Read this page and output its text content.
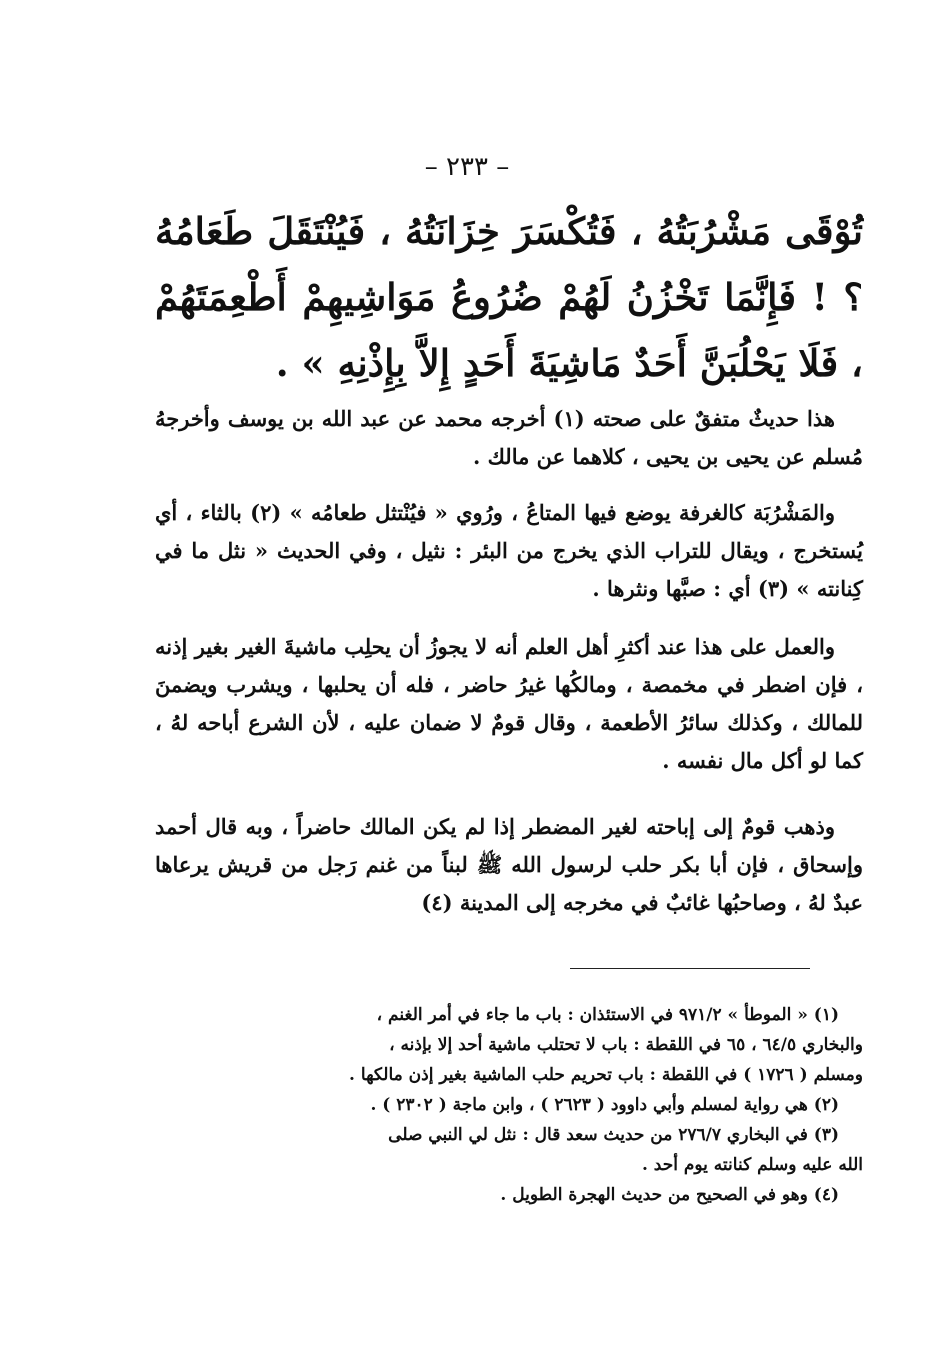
– ٢٣٣ –
تُوْقَى مَشْرُبَتُهُ ، فَتُكْسَرَ خِزَانَتُهُ ، فَيُنْتَقَلَ طَعَامُهُ ؟ ! فَإِنَّمَا تَخْزُنُ لَهُمْ ضُرُوعُ مَوَاشِيهِمْ أَطْعِمَتَهُمْ ، فَلَا يَحْلُبَنَّ أَحَدٌ مَاشِيَةَ أَحَدٍ إِلاَّ بِإِذْنِهِ » .

هذا حديثٌ متفقٌ على صحته (١) أخرجه محمد عن عبد الله بن يوسف وأخرجهُ مُسلم عن يحيى بن يحيى ، كلاهما عن مالك .

والمَشْرُبَة كالغرفة يوضع فيها المتاعُ ، ورُوي « فيُنْتثل طعامُه » (٢) بالثاء ، أي يُستخرج ، ويقال للتراب الذي يخرج من البئر : نثيل ، وفي الحديث « نثل ما في كِنانته » (٣) أي : صبَّها ونثرها .

والعمل على هذا عند أكثرِ أهل العلم أنه لا يجوزُ أن يحلِب ماشيةَ الغير بغير إذنه ، فإن اضطر في مخمصة ، ومالكُها غيرُ حاضر ، فله أن يحلبها ، ويشرب ويضمنَ للمالك ، وكذلك سائرُ الأطعمة ، وقال قومٌ لا ضمان عليه ، لأن الشرع أباحه لهُ ، كما لو أكل مال نفسه .

وذهب قومٌ إلى إباحته لغير المضطر إذا لم يكن المالك حاضراً ، وبه قال أحمد وإسحاق ، فإن أبا بكر حلب لرسول الله ﷺ لبناً من غنم رَجل من قريش يرعاها عبدٌ لهُ ، وصاحبُها غائبٌ في مخرجه إلى المدينة (٤)

(١) « الموطأ » ٩٧١/٢ في الاستئذان : باب ما جاء في أمر الغنم ،

والبخاري ٦٤/٥ ، ٦٥ في اللقطة : باب لا تحتلب ماشية أحد إلا بإذنه ،

ومسلم ( ١٧٢٦ ) في اللقطة : باب تحريم حلب الماشية بغير إذن مالكها .

(٢) هي رواية لمسلم وأبي داوود ( ٢٦٢٣ ) ، وابن ماجة ( ٢٣٠٢ ) .

(٣) في البخاري ٢٧٦/٧ من حديث سعد قال : نثل لي النبي صلى

الله عليه وسلم كنانته يوم أحد .

(٤) وهو في الصحيح من حديث الهجرة الطويل .
